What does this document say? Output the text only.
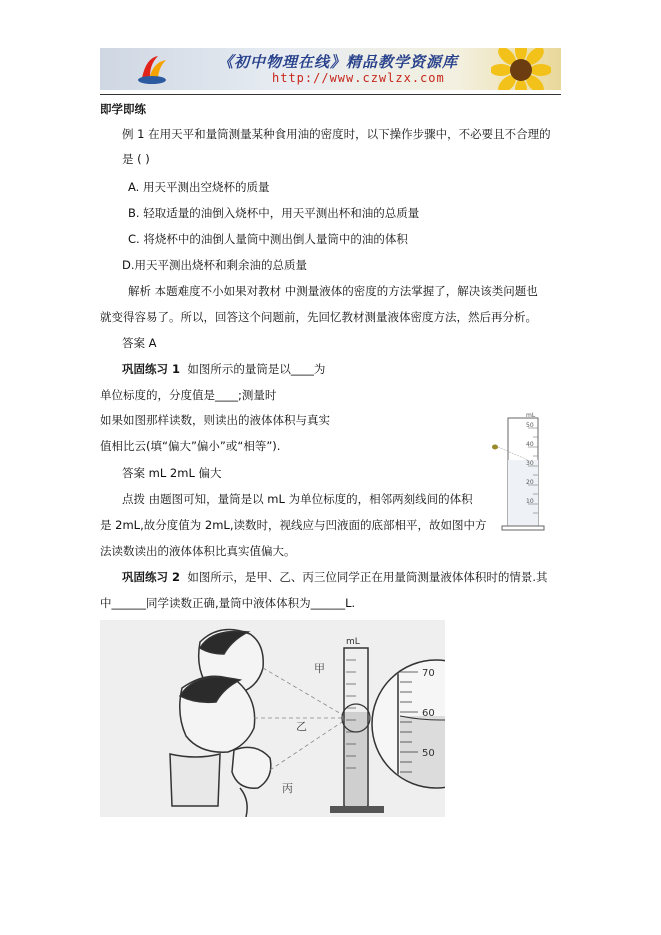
《初中物理在线》精品教学资源库
http://www.czwlzx.com
即学即练
例 1 在用天平和量筒测量某种食用油的密度时，以下操作步骤中，不必要且不合理的
是 ( )
A. 用天平测出空烧杯的质量
B. 轻取适量的油倒入烧杯中，用天平测出杯和油的总质量
C. 将烧杯中的油倒人量筒中测出倒人量筒中的油的体积
D.用天平测出烧杯和剩余油的总质量
解析 本题难度不小如果对教材 中测量液体的密度的方法掌握了，解决该类问题也
就变得容易了。所以，回答这个问题前，先回忆教材测量液体密度方法，然后再分析。
答案 A
巩固练习 1 如图所示的量筒是以____为
单位标度的，分度值是____;测量时
如果如图那样读数，则读出的液体体积与真实
值相比云(填“偏大”偏小”或“相等”).
答案 mL 2mL 偏大
点拨 由题图可知，量筒是以 mL 为单位标度的，相邻两刻线间的体积
是 2mL,故分度值为 2mL,读数时，视线应与凹液面的底部相平，故如图中方
法读数读出的液体体积比真实值偏大。
mL
50
40
30
20
10
巩固练习 2 如图所示，是甲、乙、丙三位同学正在用量筒测量液体体积时的情景.其
中______同学读数正确,量筒中液体体积为______L.
甲
乙
丙
mL
70
60
50
